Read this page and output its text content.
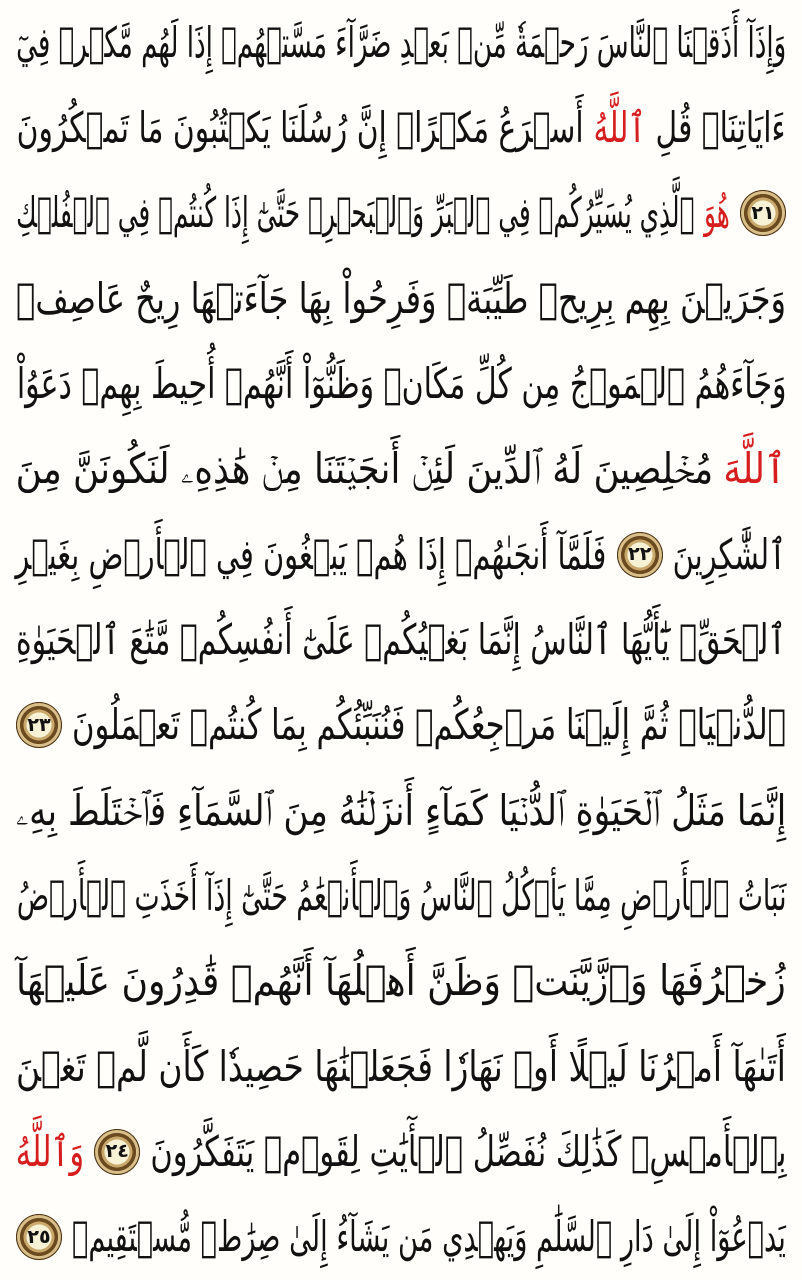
وَإِذَآ أَذَقۡنَا ٱلنَّاسَ رَحۡمَةٗ مِّنۢ بَعۡدِ ضَرَّآءَ مَسَّتۡهُمۡ إِذَا لَهُم مَّكۡرٞ فِيٓ
ءَايَاتِنَاۚ قُلِ
ٱللَّهُ
أَسۡرَعُ مَكۡرًاۚ إِنَّ رُسُلَنَا يَكۡتُبُونَ مَا تَمۡكُرُونَ
٢١
هُوَ
ٱلَّذِي يُسَيِّرُكُمۡ فِي ٱلۡبَرِّ وَٱلۡبَحۡرِۖ حَتَّىٰٓ إِذَا كُنتُمۡ فِي ٱلۡفُلۡكِ
وَجَرَيۡنَ بِهِم بِرِيحٖ طَيِّبَةٖ وَفَرِحُواْ بِهَا جَآءَتۡهَا رِيحٌ عَاصِفٞ
وَجَآءَهُمُ ٱلۡمَوۡجُ مِن كُلِّ مَكَانٖ وَظَنُّوٓاْ أَنَّهُمۡ أُحِيطَ بِهِمۡ دَعَوُاْ
ٱللَّهَ
مُخۡلِصِينَ لَهُ ٱلدِّينَ لَئِنۡ أَنجَيۡتَنَا مِنۡ هَٰذِهِۦ لَنَكُونَنَّ مِنَ
ٱلشَّٰكِرِينَ
٢٢
فَلَمَّآ أَنجَىٰهُمۡ إِذَا هُمۡ يَبۡغُونَ فِي ٱلۡأَرۡضِ بِغَيۡرِ
ٱلۡحَقِّۗ يَٰٓأَيُّهَا ٱلنَّاسُ إِنَّمَا بَغۡيُكُمۡ عَلَىٰٓ أَنفُسِكُمۖ مَّتَٰعَ ٱلۡحَيَوٰةِ
ٱلدُّنۡيَاۖ ثُمَّ إِلَيۡنَا مَرۡجِعُكُمۡ فَنُنَبِّئُكُم بِمَا كُنتُمۡ تَعۡمَلُونَ
٢٣
إِنَّمَا مَثَلُ ٱلۡحَيَوٰةِ ٱلدُّنۡيَا كَمَآءٍ أَنزَلۡنَٰهُ مِنَ ٱلسَّمَآءِ فَٱخۡتَلَطَ بِهِۦ
نَبَاتُ ٱلۡأَرۡضِ مِمَّا يَأۡكُلُ ٱلنَّاسُ وَٱلۡأَنۡعَٰمُ حَتَّىٰٓ إِذَآ أَخَذَتِ ٱلۡأَرۡضُ
زُخۡرُفَهَا وَٱزَّيَّنَتۡ وَظَنَّ أَهۡلُهَآ أَنَّهُمۡ قَٰدِرُونَ عَلَيۡهَآ
أَتَىٰهَآ أَمۡرُنَا لَيۡلًا أَوۡ نَهَارٗا فَجَعَلۡنَٰهَا حَصِيدٗا كَأَن لَّمۡ تَغۡنَ
بِٱلۡأَمۡسِۚ كَذَٰلِكَ نُفَصِّلُ ٱلۡأٓيَٰتِ لِقَوۡمٖ يَتَفَكَّرُونَ
٢٤
وَٱللَّهُ
يَدۡعُوٓاْ إِلَىٰ دَارِ ٱلسَّلَٰمِ وَيَهۡدِي مَن يَشَآءُ إِلَىٰ صِرَٰطٖ مُّسۡتَقِيمٖ
٢٥
